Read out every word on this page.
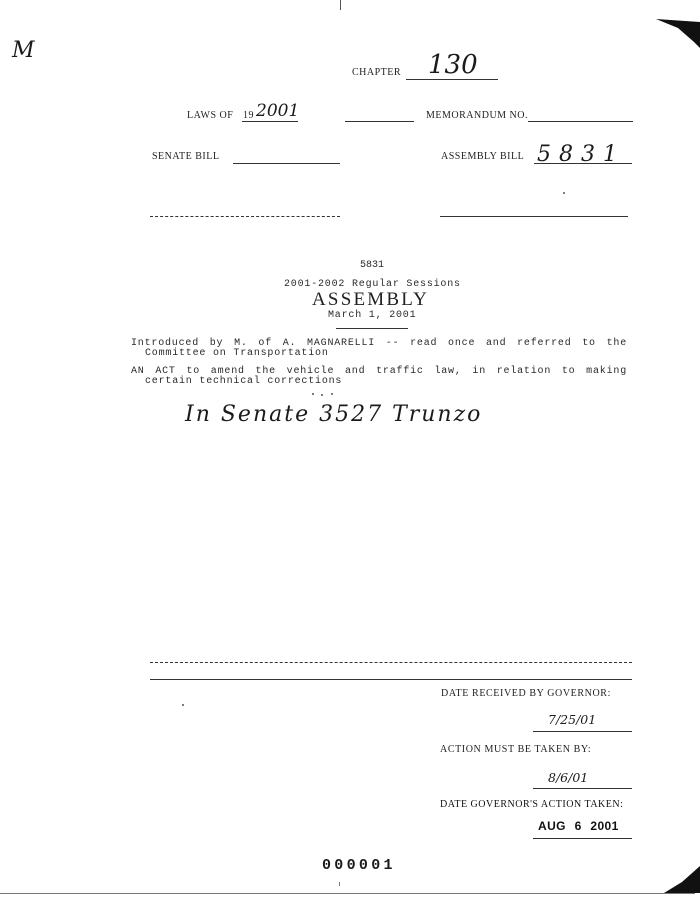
M
CHAPTER 130
LAWS OF 19 2001	MEMORANDUM NO.
SENATE BILL	ASSEMBLY BILL 5831
5831
2001-2002 Regular Sessions
ASSEMBLY
March 1, 2001
Introduced by M. of A. MAGNARELLI -- read once and referred to the
Committee on Transportation
AN ACT to amend the vehicle and traffic law, in relation to making
certain technical corrections
In Senate 3527 Trunzo
DATE RECEIVED BY GOVERNOR:
7/25/01
ACTION MUST BE TAKEN BY:
8/6/01
DATE GOVERNOR'S ACTION TAKEN:
AUG 6 2001
000001
